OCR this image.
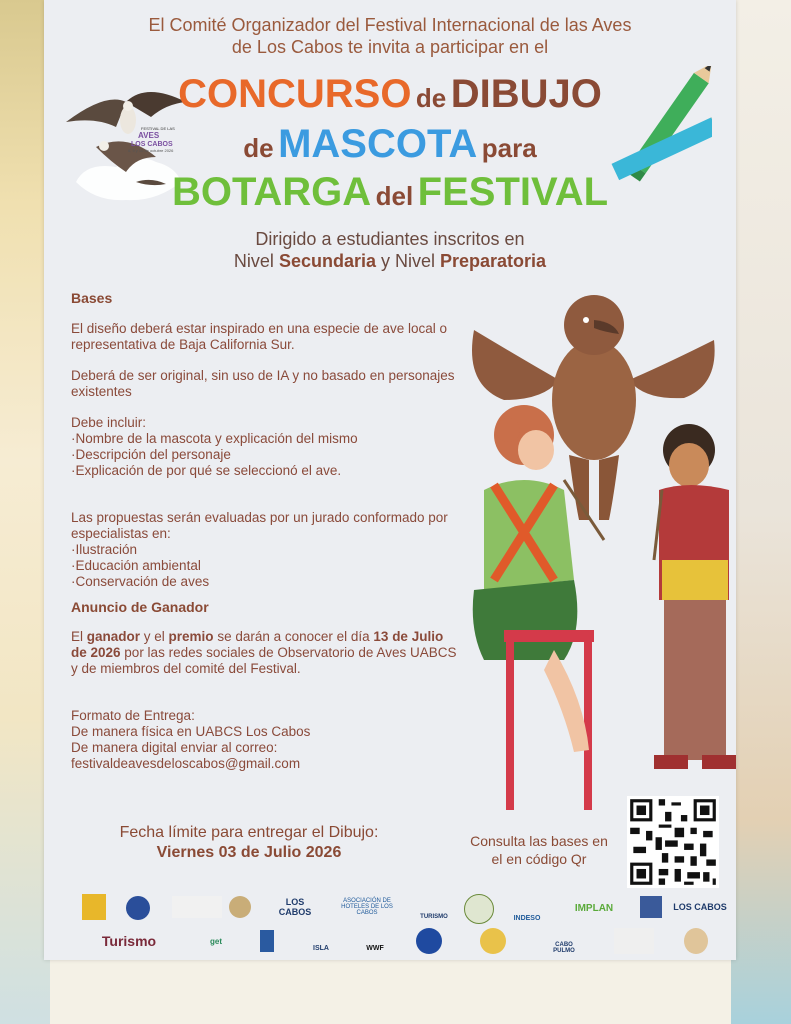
El Comité Organizador del Festival Internacional de las Aves
de Los Cabos te invita a participar en el
FESTIVAL DE LAS
AVES
LOS CABOS
8, 9 y 10 de octubre 2026
CONCURSO de DIBUJO
de MASCOTA para
BOTARGA del FESTIVAL
Dirigido a estudiantes inscritos en
Nivel Secundaria y Nivel Preparatoria
Bases

El diseño deberá estar inspirado en una especie de ave local o representativa de Baja California Sur.

Deberá de ser original, sin uso de IA y no basado en personajes existentes

Debe incluir:
·Nombre de la mascota y explicación del mismo
·Descripción del personaje
·Explicación de por qué se seleccionó el ave.

Las propuestas serán evaluadas por un jurado conformado por especialistas en:

·Ilustración
·Educación ambiental
·Conservación de aves
Anuncio de Ganador

El ganador y el premio se darán a conocer el día 13 de Julio de 2026 por las redes sociales de Observatorio de Aves UABCS y de miembros del comité del Festival.

Formato de Entrega:
De manera física en UABCS Los Cabos
De manera digital enviar al correo:
festivaldeavesdeloscabos@gmail.com
Fecha límite para entregar el Dibujo:
Viernes 03 de Julio 2026
Consulta las bases en
el en código Qr
LOS CABOS
ASOCIACIÓN DE HOTELES DE LOS CABOS
TURISMO	INDESO
IMPLAN	LOS CABOS
Turismo	get
ISLA	WWF	CABO PULMO
